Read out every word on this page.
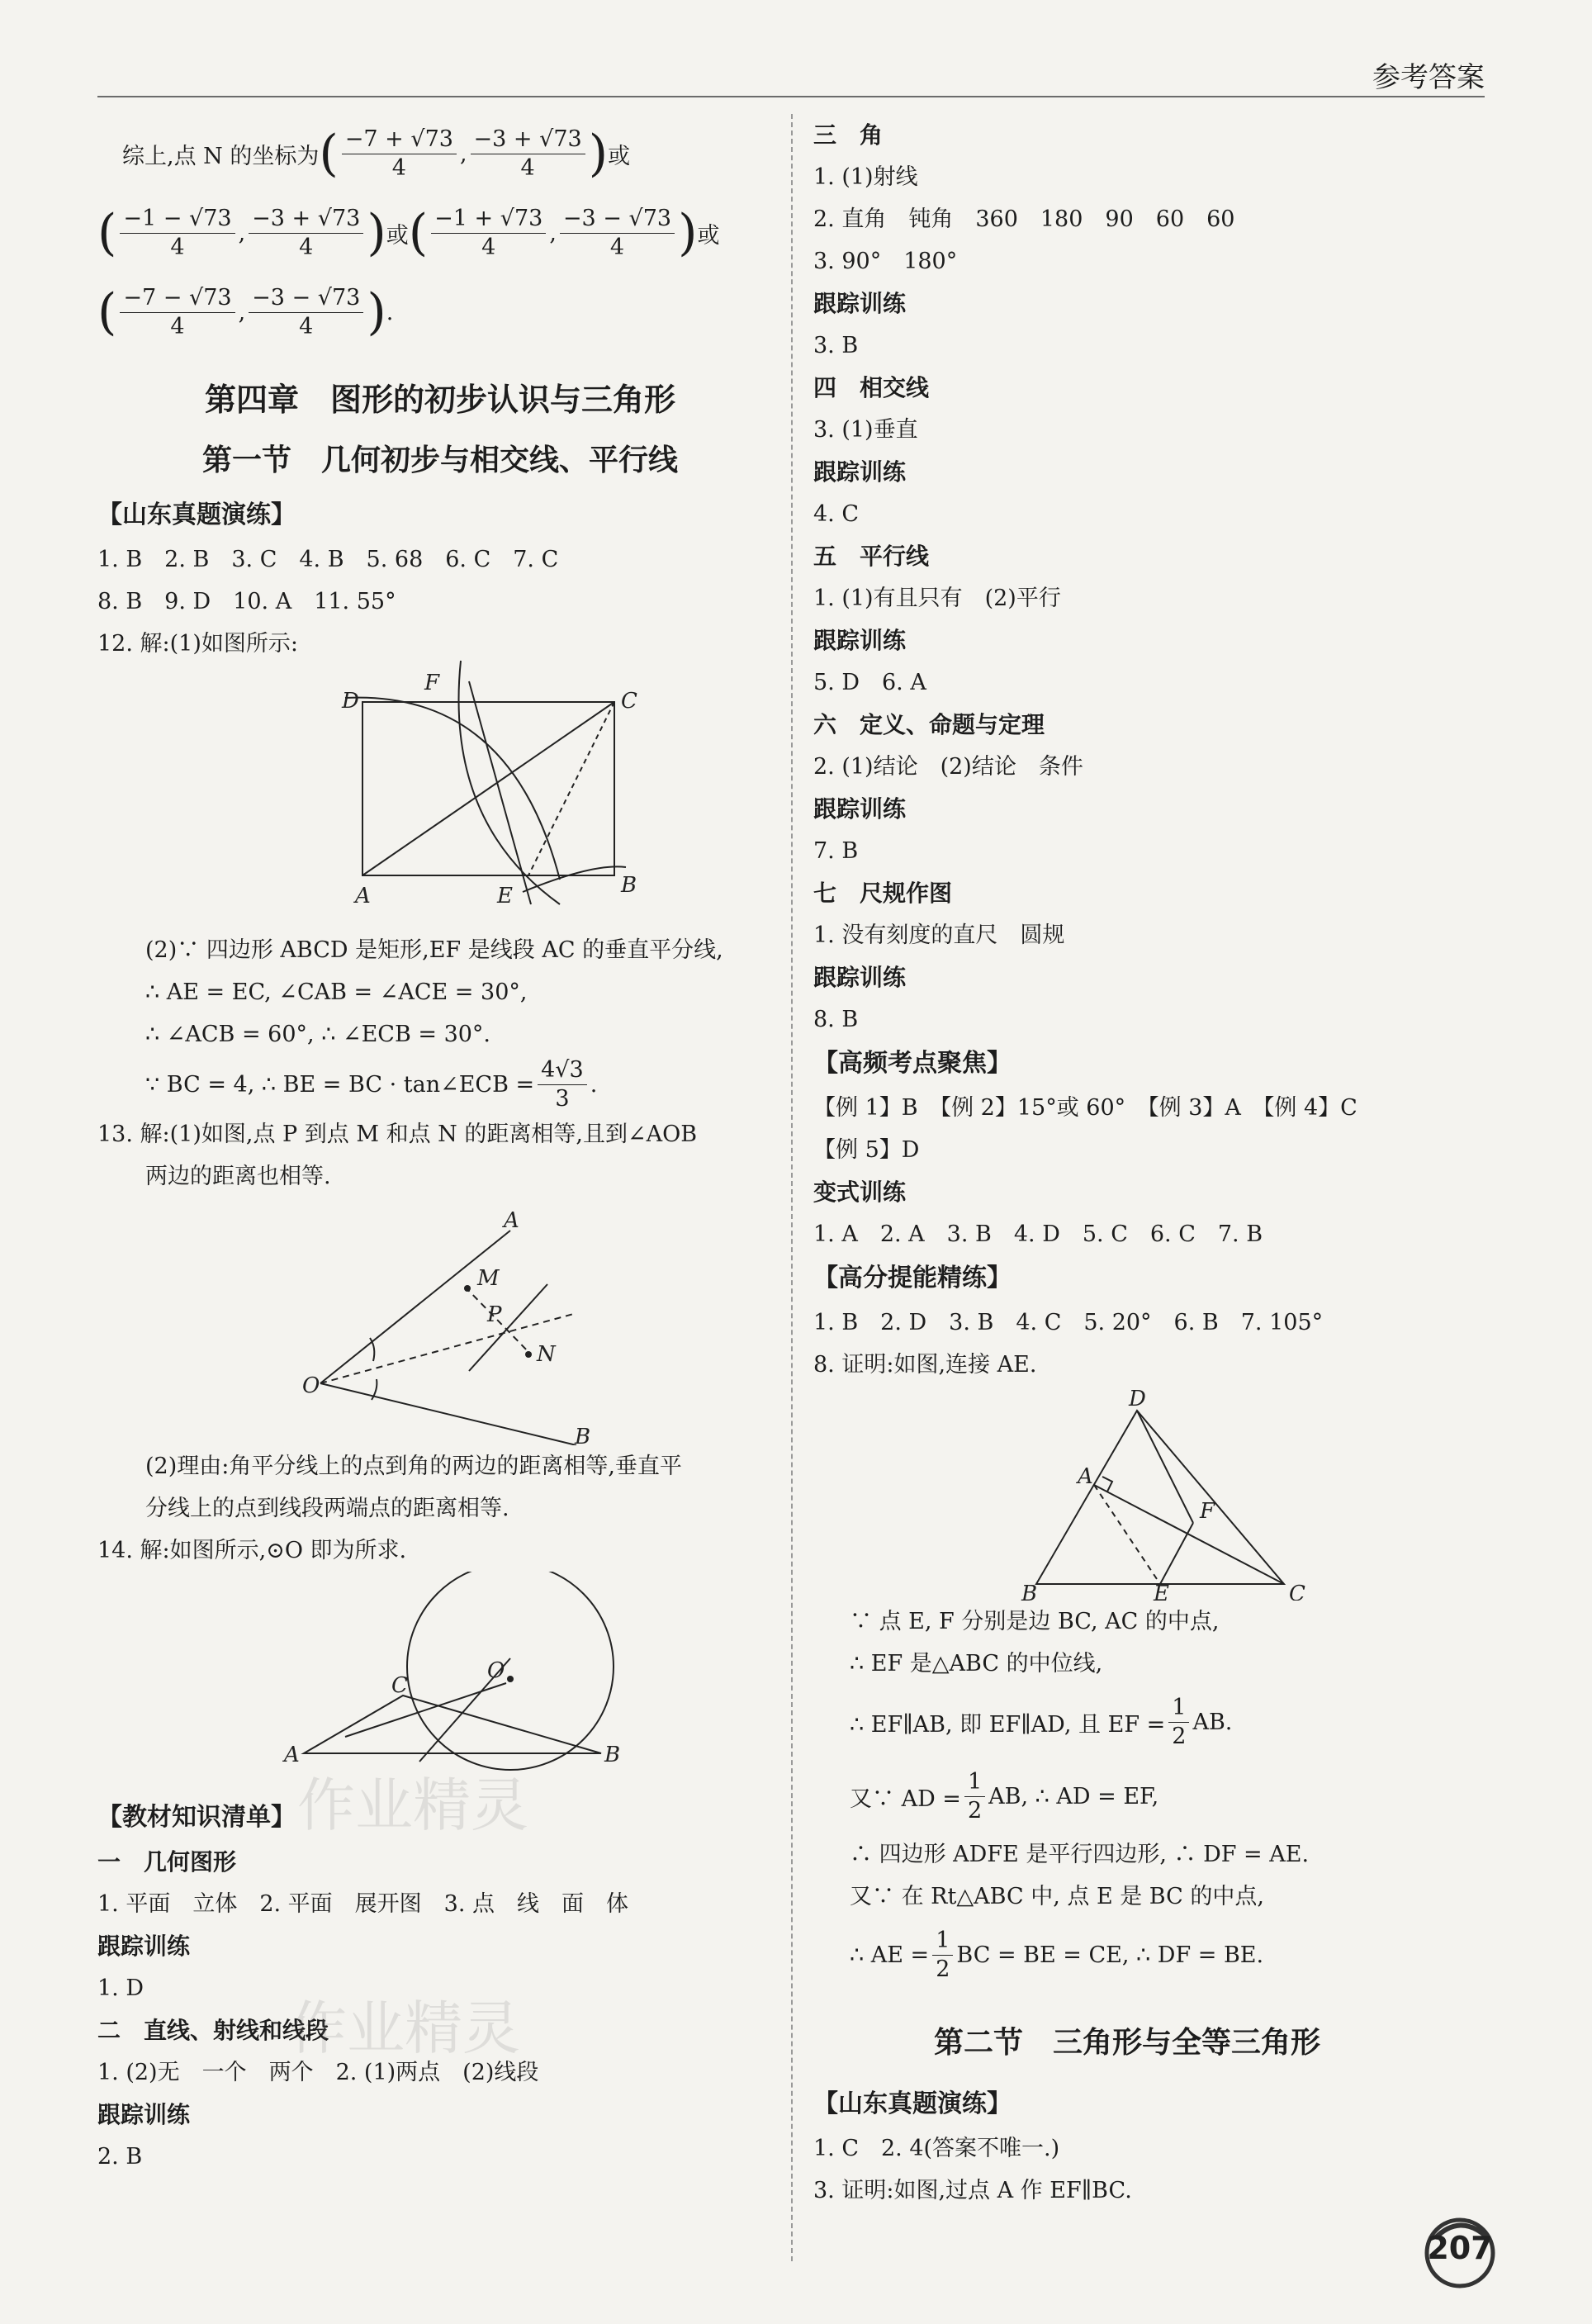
参考答案
综上,点 N 的坐标为 ( $\frac{-7 + √73}{4}$ , $\frac{-3 + √73}{4}$ ) 或
( $\frac{-1 - √73}{4}$ , $\frac{-3 + √73}{4}$ ) 或 ( $\frac{-1 + √73}{4}$ , $\frac{-3 - √73}{4}$ ) 或
( $\frac{-7 - √73}{4}$ , $\frac{-3 - √73}{4}$ ) .
第四章　图形的初步认识与三角形
第一节　几何初步与相交线、平行线
【山东真题演练】
1. B　2. B　3. C　4. B　5. 68　6. C　7. C
8. B　9. D　10. A　11. 55°
12. 解:(1)如图所示:
D	C
A	B
E
F
(2)∵ 四边形 ABCD 是矩形,EF 是线段 AC 的垂直平分线,
∴ AE = EC, ∠CAB = ∠ACE = 30°,
∴ ∠ACB = 60°, ∴ ∠ECB = 30°.
∵ BC = 4, ∴ BE = BC · tan∠ECB = $\frac{4√3}{3}$ .
13. 解:(1)如图,点 P 到点 M 和点 N 的距离相等,且到∠AOB
两边的距离也相等.
A
B
O
M
N
P
(2)理由:角平分线上的点到角的两边的距离相等,垂直平
分线上的点到线段两端点的距离相等.
14. 解:如图所示,⊙O 即为所求.
A	B
C
O
【教材知识清单】
一　几何图形
1. 平面　立体　2. 平面　展开图　3. 点　线　面　体
跟踪训练
1. D
二　直线、射线和线段
1. (2)无　一个　两个　2. (1)两点　(2)线段
跟踪训练
2. B
三　角
1. (1)射线
2. 直角　钝角　360　180　90　60　60
3. 90°　180°
跟踪训练
3. B
四　相交线
3. (1)垂直
跟踪训练
4. C
五　平行线
1. (1)有且只有　(2)平行
跟踪训练
5. D　6. A
六　定义、命题与定理
2. (1)结论　(2)结论　条件
跟踪训练
7. B
七　尺规作图
1. 没有刻度的直尺　圆规
跟踪训练
8. B
【高频考点聚焦】
【例 1】B　【例 2】15°或 60°　【例 3】A　【例 4】C
【例 5】D
变式训练
1. A　2. A　3. B　4. D　5. C　6. C　7. B
【高分提能精练】
1. B　2. D　3. B　4. C　5. 20°　6. B　7. 105°
8. 证明:如图,连接 AE.
D
A
F
B	E	C
∵ 点 E, F 分别是边 BC, AC 的中点,
∴ EF 是△ABC 的中位线,
∴ EF∥AB, 即 EF∥AD, 且 EF = $\frac{1}{2}$ AB.
又∵ AD = $\frac{1}{2}$ AB, ∴ AD = EF,
∴ 四边形 ADFE 是平行四边形, ∴ DF = AE.
又∵ 在 Rt△ABC 中, 点 E 是 BC 的中点,
∴ AE = $\frac{1}{2}$ BC = BE = CE, ∴ DF = BE.
第二节　三角形与全等三角形
【山东真题演练】
1. C　2. 4(答案不唯一.)
3. 证明:如图,过点 A 作 EF∥BC.
作业精灵
作业精灵
207
